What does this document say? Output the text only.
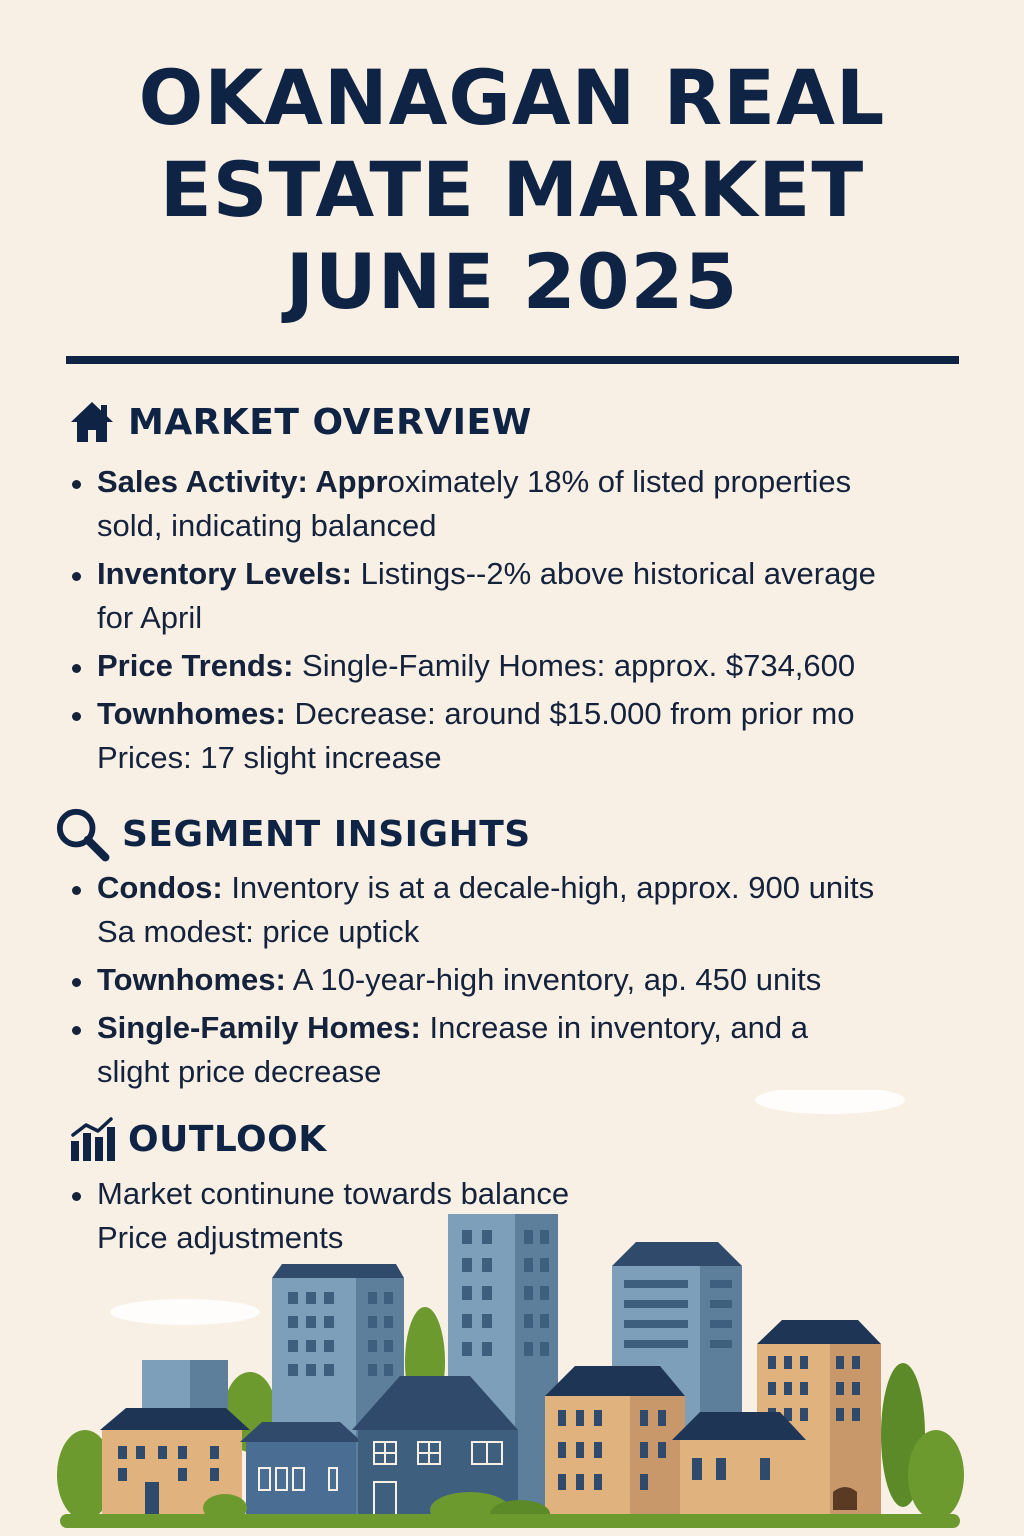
OKANAGAN REAL
ESTATE MARKET
JUNE 2025
MARKET OVERVIEW
Sales Activity: Approximately 18% of listed properties
sold, indicating balanced
Inventory Levels: Listings--2% above historical average
for April
Price Trends: Single-Family Homes: approx. $734,600
Townhomes: Decrease: around $15.000 from prior mo
Prices: 17 slight increase
SEGMENT INSIGHTS
Condos: Inventory is at a decale-high, approx. 900 units
Sa modest: price uptick
Townhomes: A 10-year-high inventory, ap. 450 units
Single-Family Homes: Increase in inventory, and a
slight price decrease
OUTLOOK
Market continune towards balance
Price adjustments
